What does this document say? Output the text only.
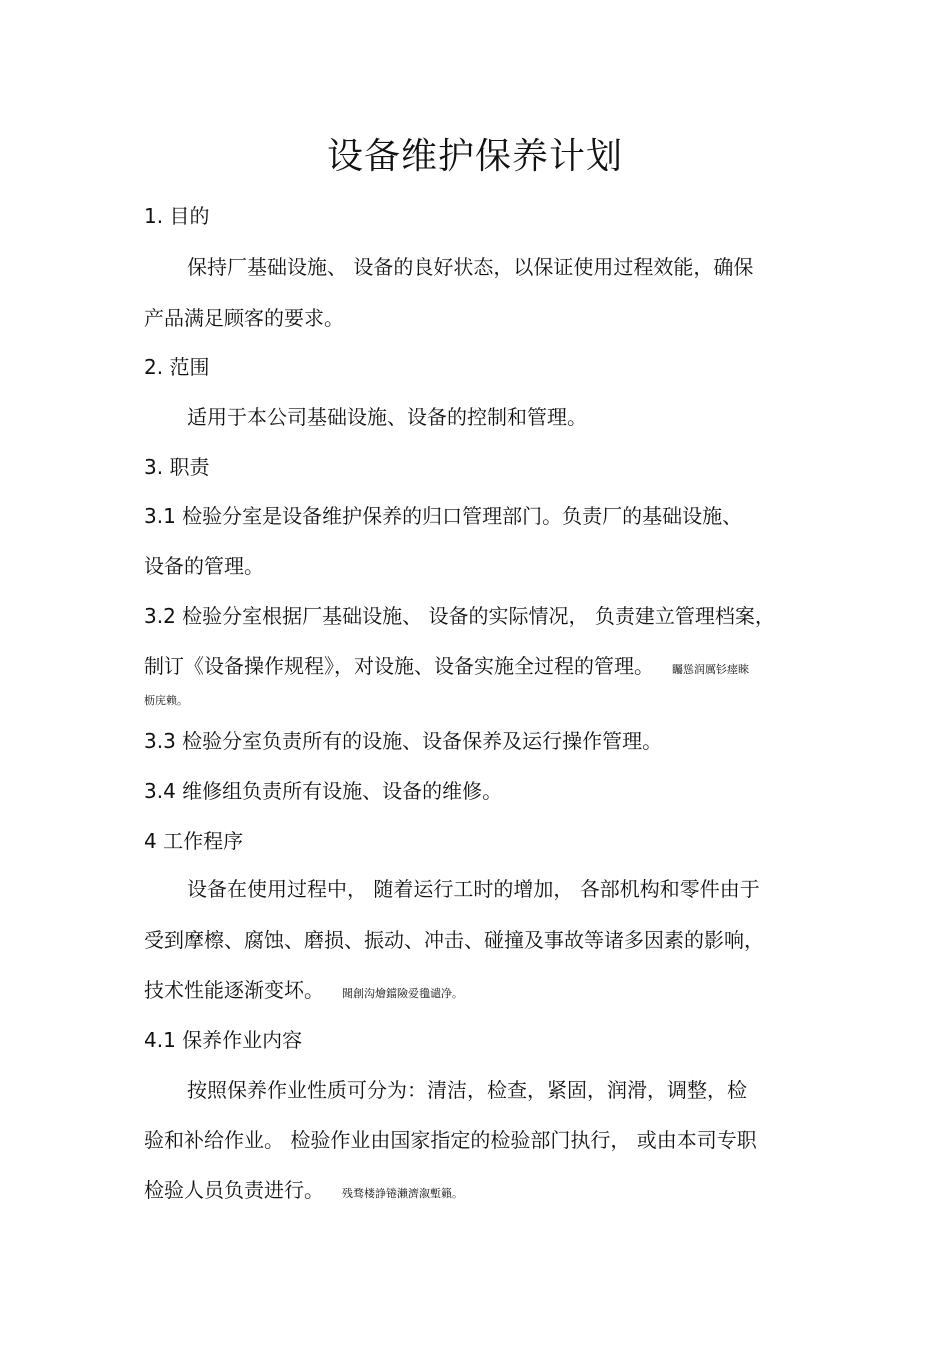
设备维护保养计划
1. 目的
保持厂基础设施、 设备的良好状态，以保证使用过程效能，确保
产品满足顾客的要求。
2. 范围
适用于本公司基础设施、设备的控制和管理。
3. 职责
3.1 检验分室是设备维护保养的归口管理部门。负责厂的基础设施、
设备的管理。
3.2 检验分室根据厂基础设施、 设备的实际情况， 负责建立管理档案，
制订《设备操作规程》，对设施、设备实施全过程的管理。 矚慫润厲钐瘗睞
枥庑赖。
3.3 检验分室负责所有的设施、设备保养及运行操作管理。
3.4 维修组负责所有设施、设备的维修。
4 工作程序
设备在使用过程中， 随着运行工时的增加， 各部机构和零件由于
受到摩檫、腐蚀、磨损、振动、冲击、碰撞及事故等诸多因素的影响，
技术性能逐渐变坏。 聞創沟燴鐺險爱氇谴净。
4.1 保养作业内容
按照保养作业性质可分为：清洁，检查，紧固，润滑，调整，检
验和补给作业。 检验作业由国家指定的检验部门执行， 或由本司专职
检验人员负责进行。 残骛楼諍锩瀨濟溆塹籟。
